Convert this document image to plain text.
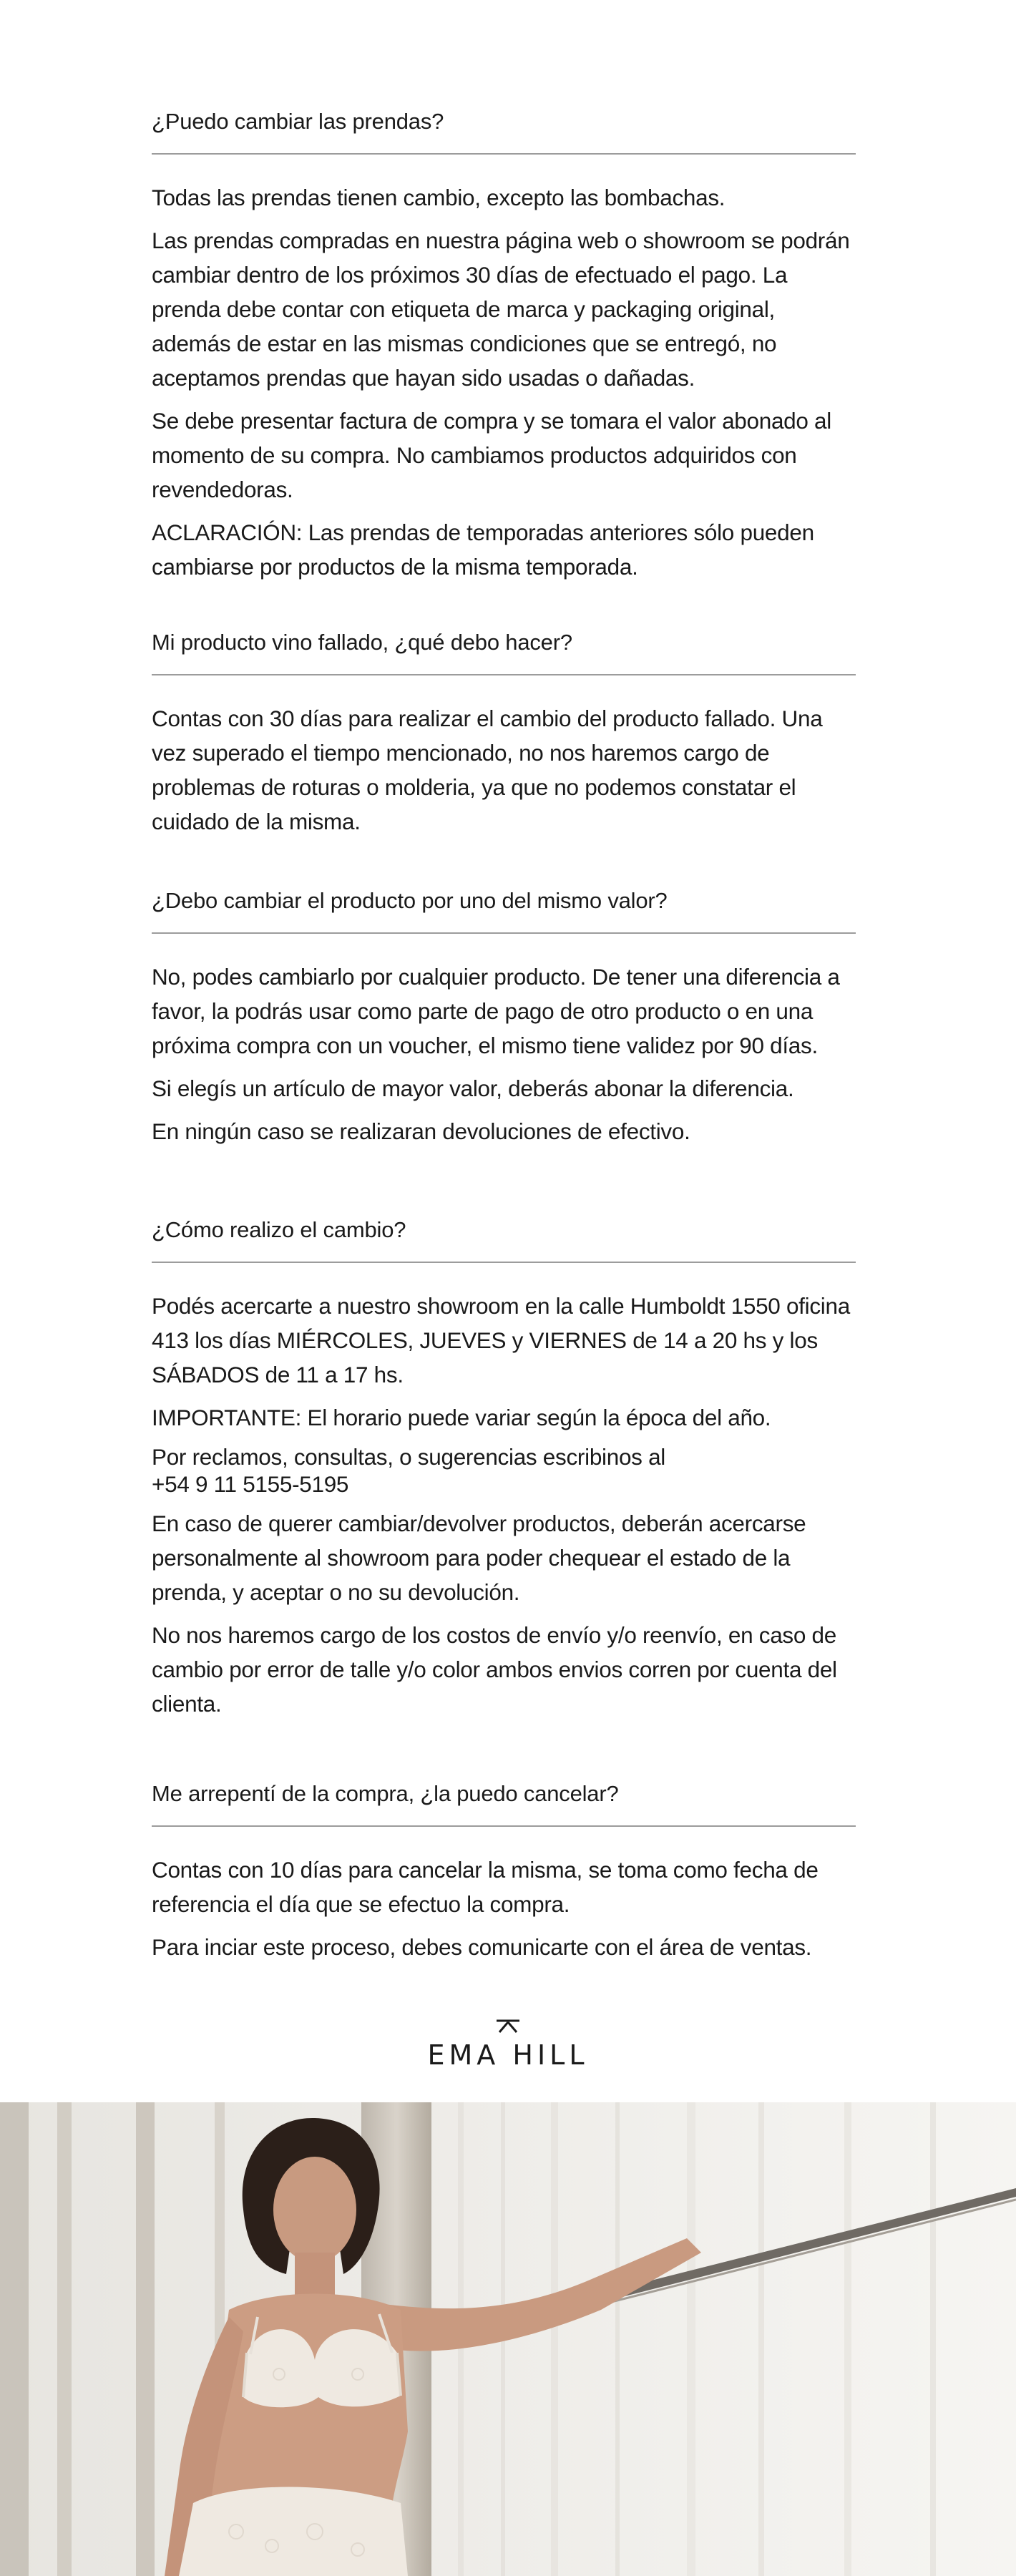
¿Puedo cambiar las prendas?

Todas las prendas tienen cambio, excepto las bombachas.

Las prendas compradas en nuestra página web o showroom se podrán cambiar dentro de los próximos 30 días de efectuado el pago. La prenda debe contar con etiqueta de marca y packaging original, además de estar en las mismas condiciones que se entregó, no aceptamos prendas que hayan sido usadas o dañadas.

Se debe presentar factura de compra y se tomara el valor abonado al momento de su compra. No cambiamos productos adquiridos con revendedoras.

ACLARACIÓN: Las prendas de temporadas anteriores sólo pueden cambiarse por productos de la misma temporada.

Mi producto vino fallado, ¿qué debo hacer?

Contas con 30 días para realizar el cambio del producto fallado. Una vez superado el tiempo mencionado, no nos haremos cargo de problemas de roturas o molderia, ya que no podemos constatar el cuidado de la misma.

¿Debo cambiar el producto por uno del mismo valor?

No, podes cambiarlo por cualquier producto. De tener una diferencia a favor, la podrás usar como parte de pago de otro producto o en una próxima compra con un voucher, el mismo tiene validez por 90 días.

Si elegís un artículo de mayor valor, deberás abonar la diferencia.

En ningún caso se realizaran devoluciones de efectivo.

¿Cómo realizo el cambio?

Podés acercarte a nuestro showroom en la calle Humboldt 1550 oficina 413 los días MIÉRCOLES, JUEVES y VIERNES de 14 a 20 hs y los SÁBADOS de 11 a 17 hs.

IMPORTANTE: El horario puede variar según la época del año.

Por reclamos, consultas, o sugerencias escribinos al

+54 9 11 5155-5195

En caso de querer cambiar/devolver productos, deberán acercarse personalmente al showroom para poder chequear el estado de la prenda, y aceptar o no su devolución.

No nos haremos cargo de los costos de envío y/o reenvío, en caso de cambio por error de talle y/o color ambos envios corren por cuenta del clienta.

Me arrepentí de la compra, ¿la puedo cancelar?

Contas con 10 días para cancelar la misma, se toma como fecha de referencia el día que se efectuo la compra.

Para inciar este proceso, debes comunicarte con el área de ventas.

EMA HILL
